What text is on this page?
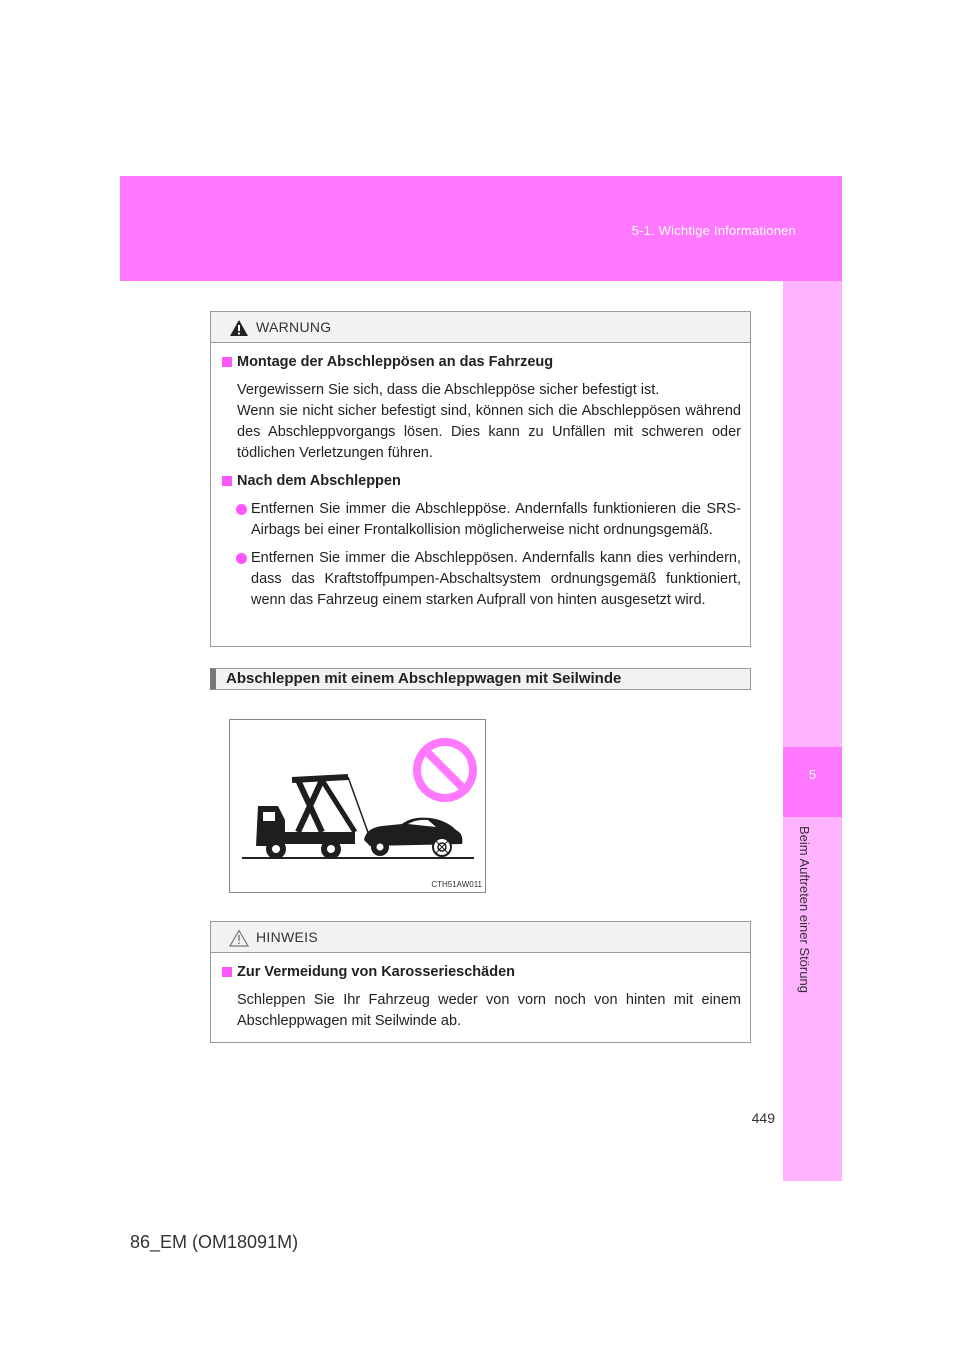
5-1. Wichtige Informationen
5
Beim Auftreten einer Störung
WARNUNG
Montage der Abschleppösen an das Fahrzeug
Vergewissern Sie sich, dass die Abschleppöse sicher befestigt ist.
Wenn sie nicht sicher befestigt sind, können sich die Abschleppösen während des Abschleppvorgangs lösen. Dies kann zu Unfällen mit schweren oder tödlichen Verletzungen führen.
Nach dem Abschleppen
Entfernen Sie immer die Abschleppöse. Andernfalls funktionieren die SRS-Airbags bei einer Frontalkollision möglicherweise nicht ordnungsgemäß.
Entfernen Sie immer die Abschleppösen. Andernfalls kann dies verhindern, dass das Kraftstoffpumpen-Abschaltsystem ordnungsgemäß funktioniert, wenn das Fahrzeug einem starken Aufprall von hinten ausgesetzt wird.
Abschleppen mit einem Abschleppwagen mit Seilwinde
CTH51AW011
HINWEIS
Zur Vermeidung von Karosserieschäden
Schleppen Sie Ihr Fahrzeug weder von vorn noch von hinten mit einem Abschleppwagen mit Seilwinde ab.
449
86_EM (OM18091M)
